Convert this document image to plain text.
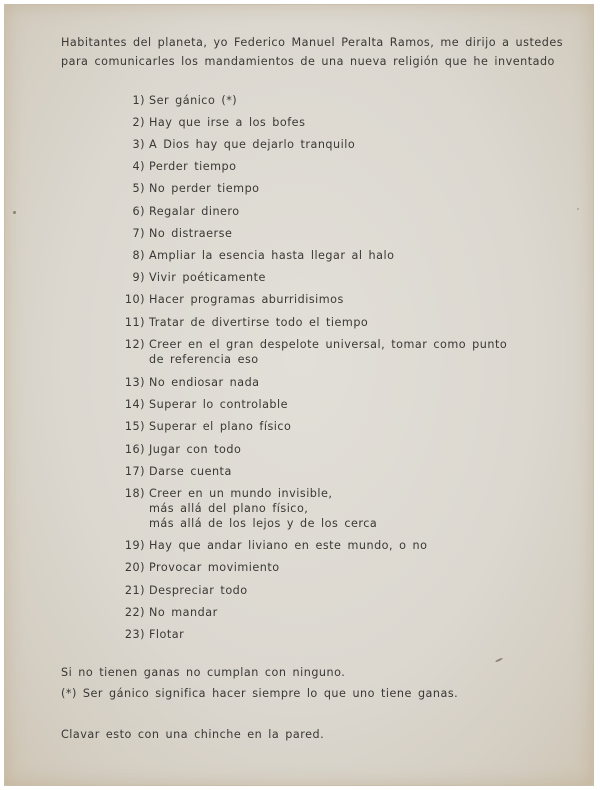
Habitantes del planeta, yo Federico Manuel Peralta Ramos, me dirijo a ustedes
para comunicarles los mandamientos de una nueva religión que he inventado
1) Ser gánico (*)
2) Hay que irse a los bofes
3) A Dios hay que dejarlo tranquilo
4) Perder tiempo
5) No perder tiempo
6) Regalar dinero
7) No distraerse
8) Ampliar la esencia hasta llegar al halo
9) Vivir poéticamente
10) Hacer programas aburridisimos
11) Tratar de divertirse todo el tiempo
12) Creer en el gran despelote universal, tomar como punto
de referencia eso
13) No endiosar nada
14) Superar lo controlable
15) Superar el plano físico
16) Jugar con todo
17) Darse cuenta
18) Creer en un mundo invisible,
más allá del plano físico,
más allá de los lejos y de los cerca
19) Hay que andar liviano en este mundo, o no
20) Provocar movimiento
21) Despreciar todo
22) No mandar
23) Flotar
Si no tienen ganas no cumplan con ninguno.
(*) Ser gánico significa hacer siempre lo que uno tiene ganas.
Clavar esto con una chinche en la pared.
